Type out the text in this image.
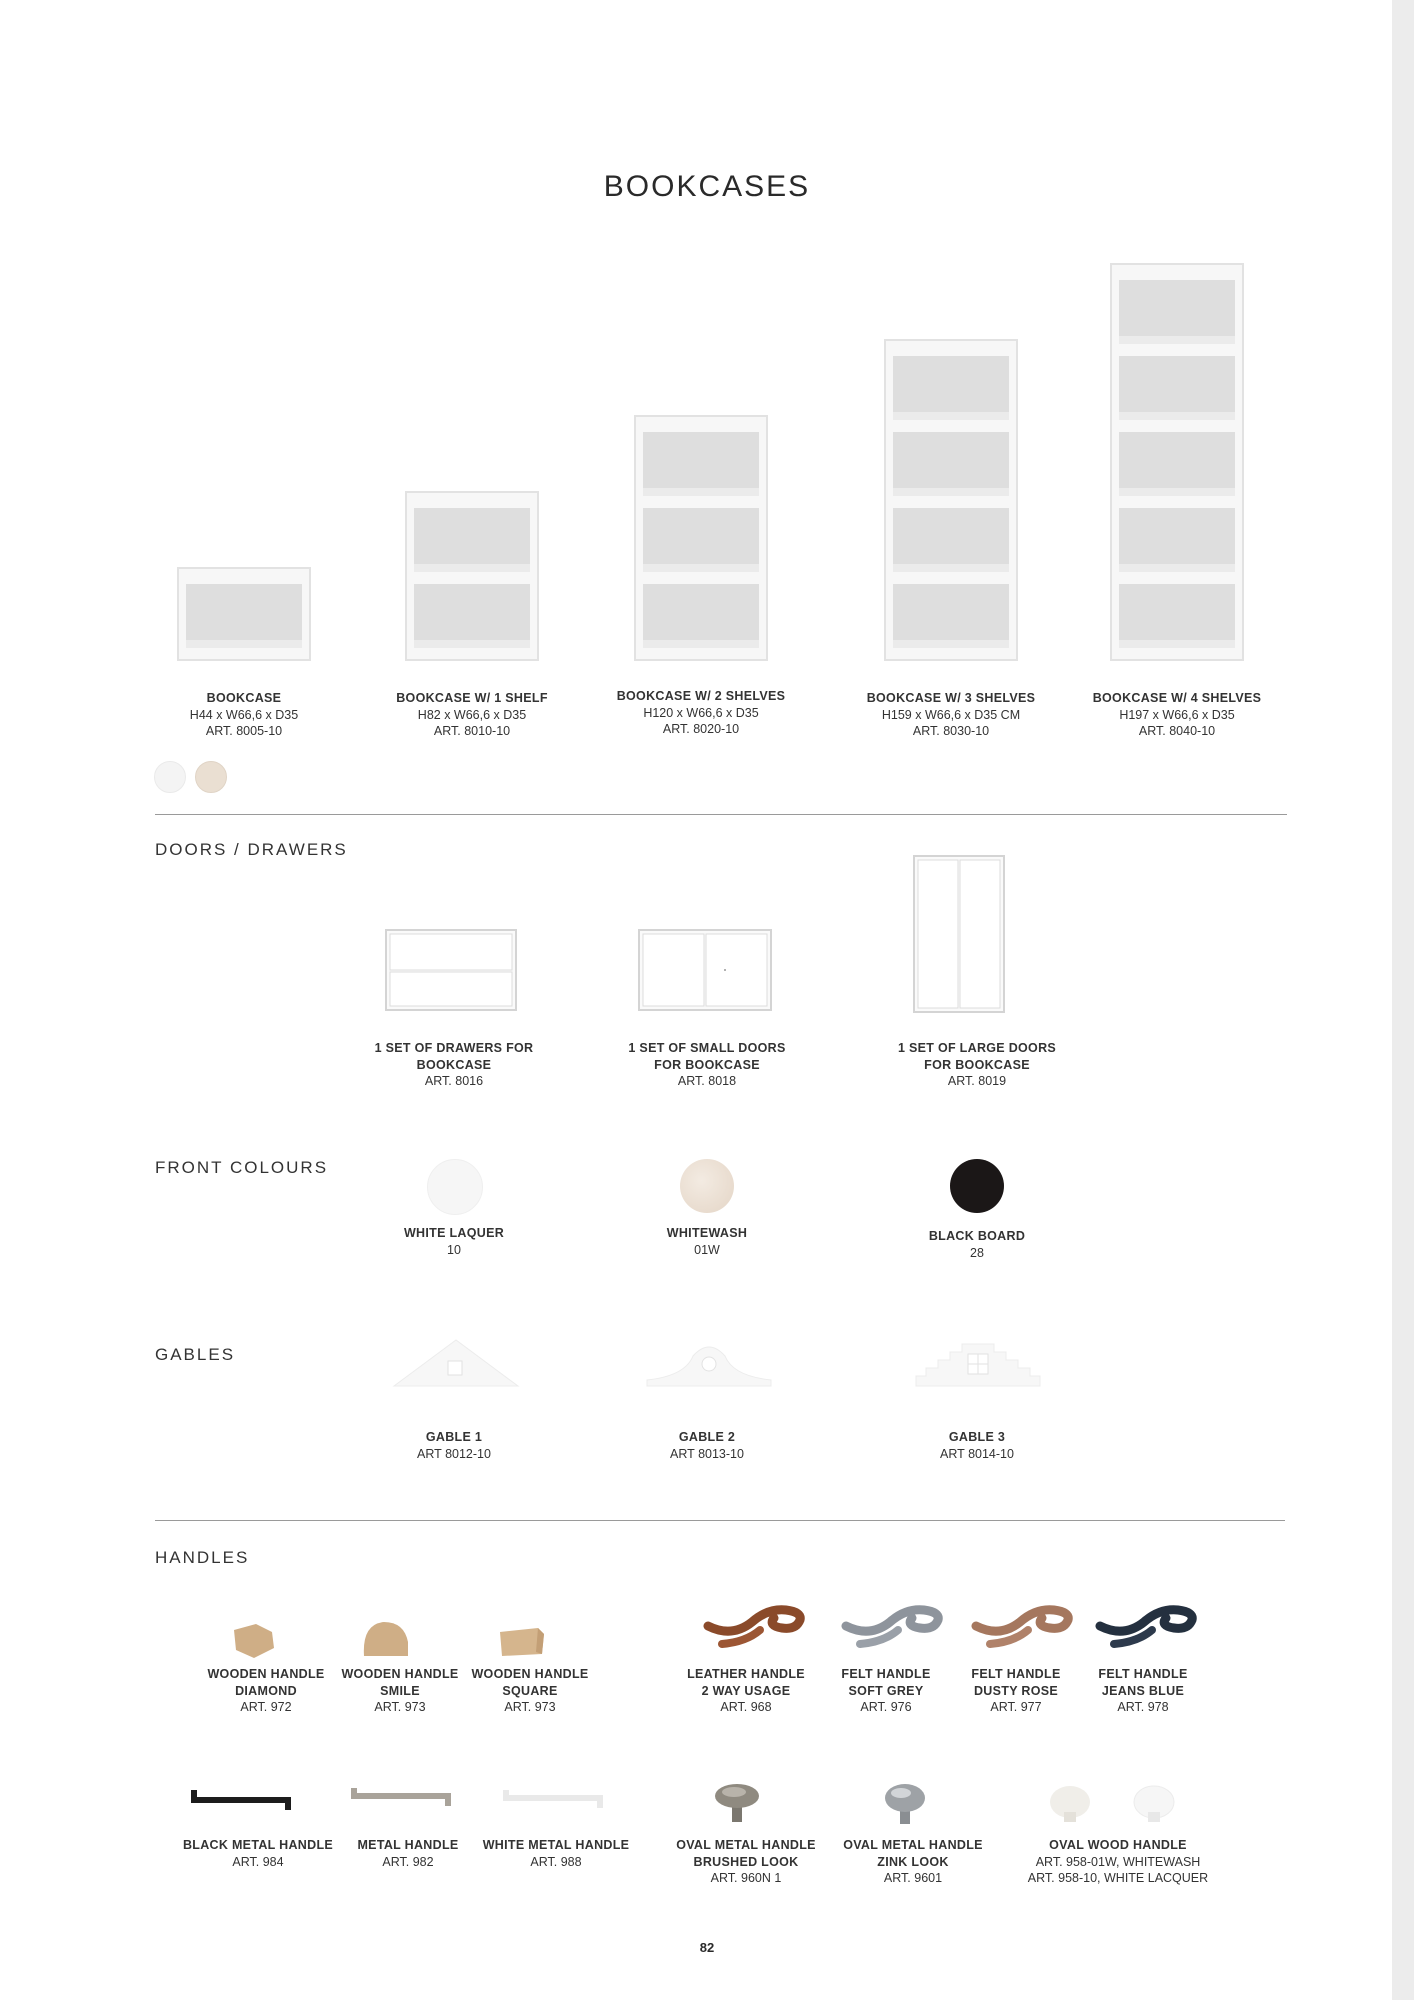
BOOKCASES
BOOKCASE
H44 x W66,6 x D35
ART. 8005-10
BOOKCASE W/ 1 SHELF
H82 x W66,6 x D35
ART. 8010-10
BOOKCASE W/ 2 SHELVES
H120 x W66,6 x D35
ART. 8020-10
BOOKCASE W/ 3 SHELVES
H159 x W66,6 x D35 CM
ART. 8030-10
BOOKCASE W/ 4 SHELVES
H197 x W66,6 x D35
ART. 8040-10
DOORS / DRAWERS
1 SET OF DRAWERS FOR
BOOKCASE
ART. 8016
1 SET OF SMALL DOORS
FOR BOOKCASE
ART. 8018
1 SET OF LARGE DOORS
FOR BOOKCASE
ART. 8019
FRONT COLOURS
WHITE LAQUER
10
WHITEWASH
01W
BLACK BOARD
28
GABLES
GABLE 1
ART 8012-10
GABLE 2
ART 8013-10
GABLE 3
ART 8014-10
HANDLES
WOODEN HANDLE
DIAMOND
ART. 972
WOODEN HANDLE
SMILE
ART. 973
WOODEN HANDLE
SQUARE
ART. 973
LEATHER HANDLE
2 WAY USAGE
ART. 968
FELT HANDLE
SOFT GREY
ART. 976
FELT HANDLE
DUSTY ROSE
ART. 977
FELT HANDLE
JEANS BLUE
ART. 978
BLACK METAL HANDLE
ART. 984
METAL HANDLE
ART. 982
WHITE METAL HANDLE
ART. 988
OVAL METAL HANDLE
BRUSHED LOOK
ART. 960N 1
OVAL METAL HANDLE
ZINK LOOK
ART. 9601
OVAL WOOD HANDLE
ART. 958-01W, WHITEWASH
ART. 958-10, WHITE LACQUER
82
